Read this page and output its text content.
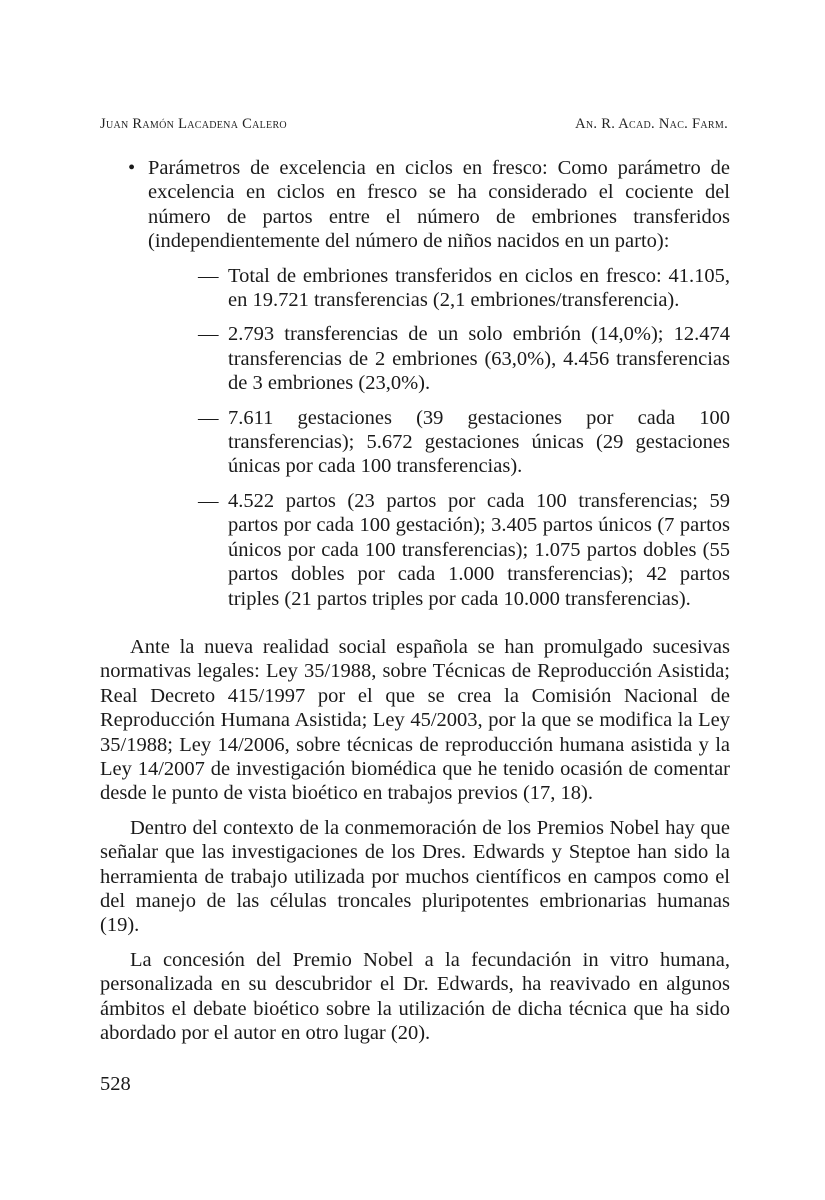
Juan Ramón Lacadena Calero	An. R. Acad. Nac. Farm.
• Parámetros de excelencia en ciclos en fresco: Como parámetro de excelencia en ciclos en fresco se ha considerado el cociente del número de partos entre el número de embriones transferidos (independientemente del número de niños nacidos en un parto):
— Total de embriones transferidos en ciclos en fresco: 41.105, en 19.721 transferencias (2,1 embriones/transferencia).
— 2.793 transferencias de un solo embrión (14,0%); 12.474 transferencias de 2 embriones (63,0%), 4.456 transferencias de 3 embriones (23,0%).
— 7.611 gestaciones (39 gestaciones por cada 100 transferencias); 5.672 gestaciones únicas (29 gestaciones únicas por cada 100 transferencias).
— 4.522 partos (23 partos por cada 100 transferencias; 59 partos por cada 100 gestación); 3.405 partos únicos (7 partos únicos por cada 100 transferencias); 1.075 partos dobles (55 partos dobles por cada 1.000 transferencias); 42 partos triples (21 partos triples por cada 10.000 transferencias).

Ante la nueva realidad social española se han promulgado sucesivas normativas legales: Ley 35/1988, sobre Técnicas de Reproducción Asistida; Real Decreto 415/1997 por el que se crea la Comisión Nacional de Reproducción Humana Asistida; Ley 45/2003, por la que se modifica la Ley 35/1988; Ley 14/2006, sobre técnicas de reproducción humana asistida y la Ley 14/2007 de investigación biomédica que he tenido ocasión de comentar desde le punto de vista bioético en trabajos previos (17, 18).

Dentro del contexto de la conmemoración de los Premios Nobel hay que señalar que las investigaciones de los Dres. Edwards y Steptoe han sido la herramienta de trabajo utilizada por muchos científicos en campos como el del manejo de las células troncales pluripotentes embrionarias humanas (19).

La concesión del Premio Nobel a la fecundación in vitro humana, personalizada en su descubridor el Dr. Edwards, ha reavivado en algunos ámbitos el debate bioético sobre la utilización de dicha técnica que ha sido abordado por el autor en otro lugar (20).

528
